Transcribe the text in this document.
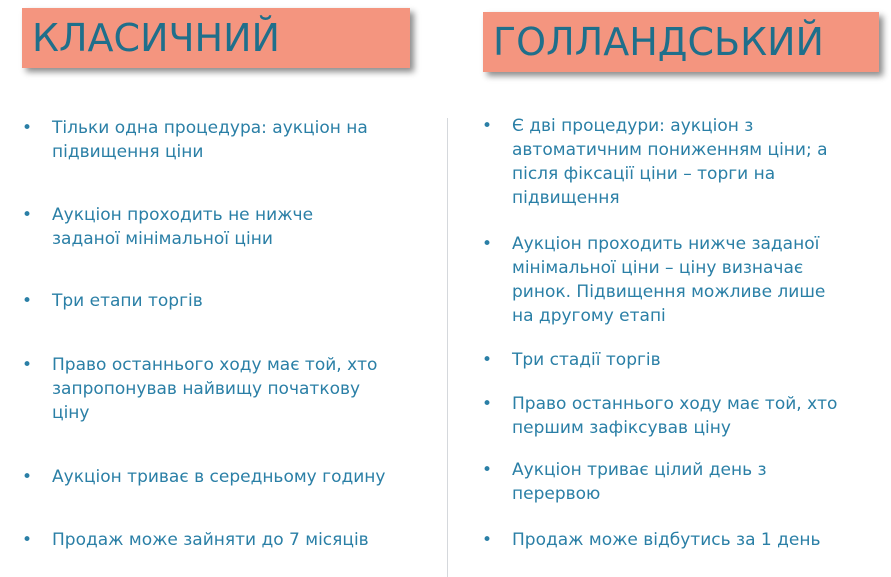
КЛАСИЧНИЙ	ГОЛЛАНДСЬКИЙ
• Тільки одна процедура: аукціон на підвищення ціни
• Аукціон проходить не нижче заданої мінімальної ціни
• Три етапи торгів
• Право останнього ходу має той, хто запропонував найвищу початкову ціну
• Аукціон триває в середньому годину
• Продаж може зайняти до 7 місяців
• Є дві процедури: аукціон з автоматичним пониженням ціни; а після фіксації ціни – торги на підвищення
• Аукціон проходить нижче заданої мінімальної ціни – ціну визначає ринок. Підвищення можливе лише на другому етапі
• Три стадії торгів
• Право останнього ходу має той, хто першим зафіксував ціну
• Аукціон триває цілий день з перервою
• Продаж може відбутись за 1 день
